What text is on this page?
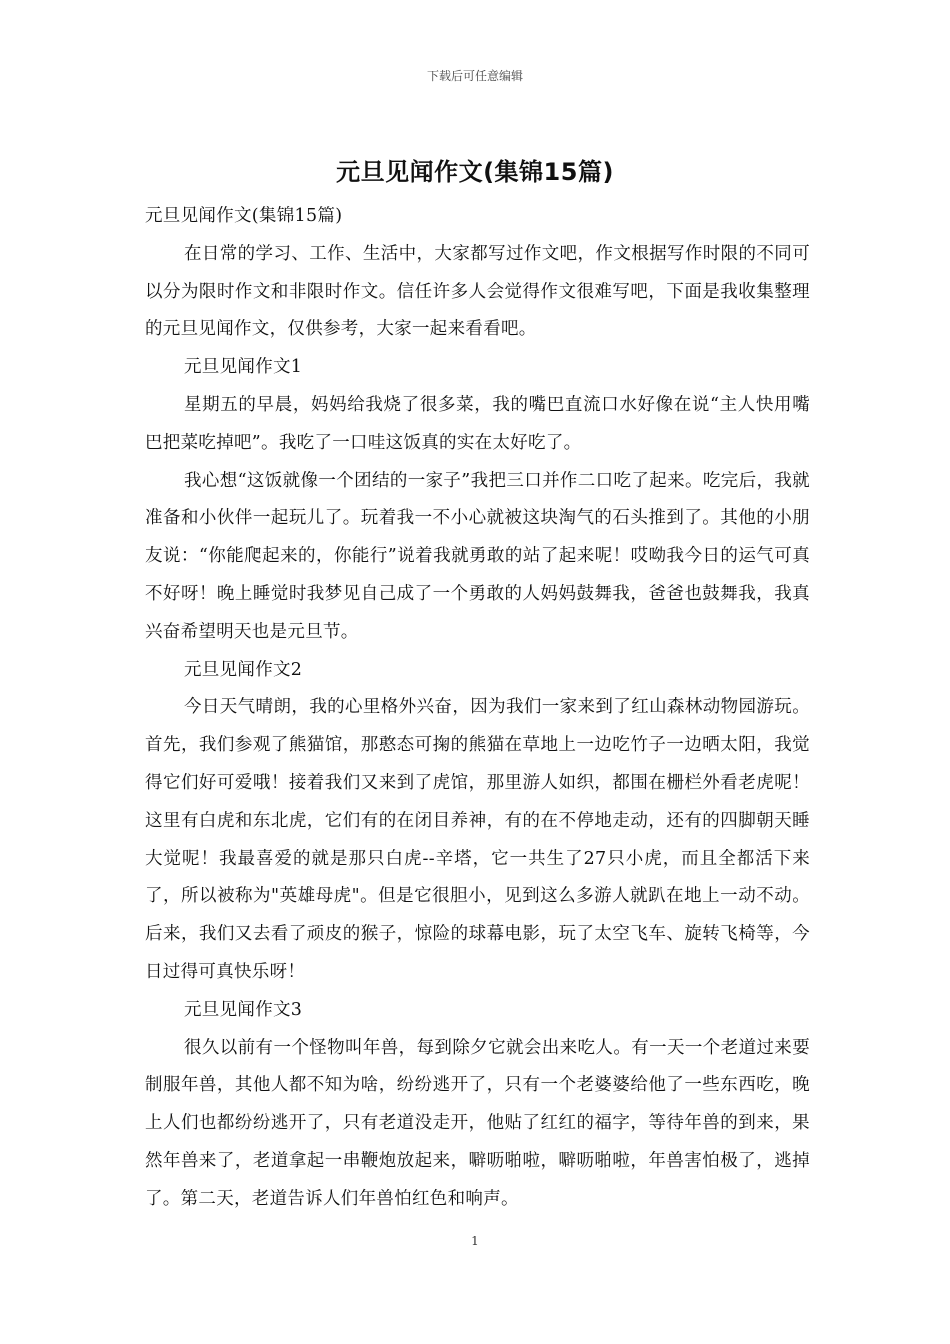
下载后可任意编辑
元旦见闻作文(集锦15篇)

元旦见闻作文(集锦15篇)

在日常的学习、工作、生活中，大家都写过作文吧，作文根据写作时限的不同可以分为限时作文和非限时作文。信任许多人会觉得作文很难写吧，下面是我收集整理的元旦见闻作文，仅供参考，大家一起来看看吧。

元旦见闻作文1

星期五的早晨，妈妈给我烧了很多菜，我的嘴巴直流口水好像在说“主人快用嘴巴把菜吃掉吧”。我吃了一口哇这饭真的实在太好吃了。

我心想“这饭就像一个团结的一家子”我把三口并作二口吃了起来。吃完后，我就准备和小伙伴一起玩儿了。玩着我一不小心就被这块淘气的石头推到了。其他的小朋友说：“你能爬起来的，你能行”说着我就勇敢的站了起来呢！哎呦我今日的运气可真不好呀！晚上睡觉时我梦见自己成了一个勇敢的人妈妈鼓舞我，爸爸也鼓舞我，我真兴奋希望明天也是元旦节。

元旦见闻作文2

今日天气晴朗，我的心里格外兴奋，因为我们一家来到了红山森林动物园游玩。首先，我们参观了熊猫馆，那憨态可掬的熊猫在草地上一边吃竹子一边晒太阳，我觉得它们好可爱哦！接着我们又来到了虎馆，那里游人如织，都围在栅栏外看老虎呢！这里有白虎和东北虎，它们有的在闭目养神，有的在不停地走动，还有的四脚朝天睡大觉呢！我最喜爱的就是那只白虎--辛塔，它一共生了27只小虎，而且全都活下来了，所以被称为"英雄母虎"。但是它很胆小，见到这么多游人就趴在地上一动不动。后来，我们又去看了顽皮的猴子，惊险的球幕电影，玩了太空飞车、旋转飞椅等，今日过得可真快乐呀！

元旦见闻作文3

很久以前有一个怪物叫年兽，每到除夕它就会出来吃人。有一天一个老道过来要制服年兽，其他人都不知为啥，纷纷逃开了，只有一个老婆婆给他了一些东西吃，晚上人们也都纷纷逃开了，只有老道没走开，他贴了红红的福字，等待年兽的到来，果然年兽来了，老道拿起一串鞭炮放起来，噼呖啪啦，噼呖啪啦，年兽害怕极了，逃掉了。第二天，老道告诉人们年兽怕红色和响声。

1
